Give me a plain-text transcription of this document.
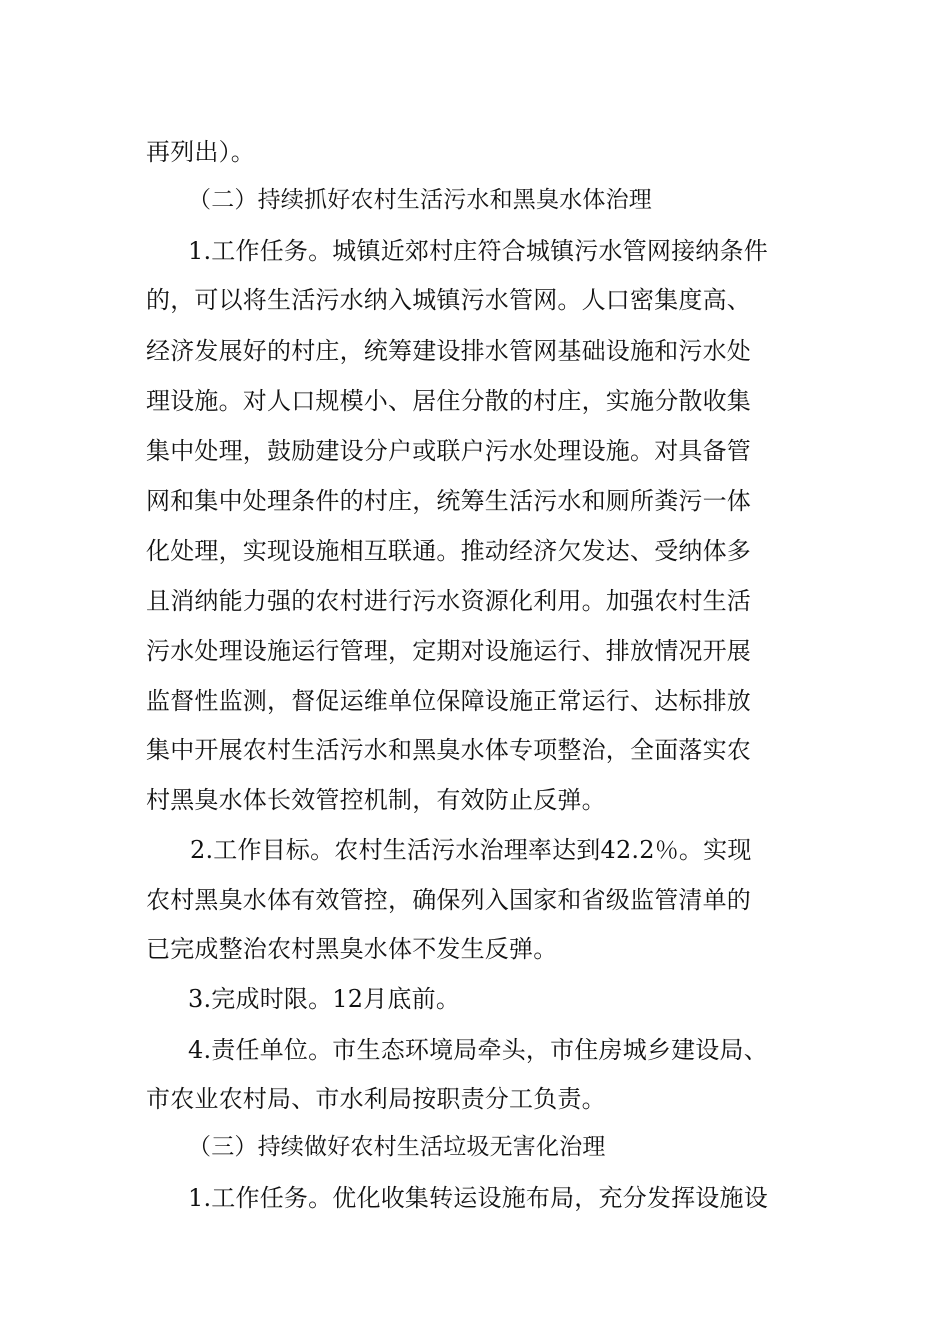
再列出）。
（二）持续抓好农村生活污水和黑臭水体治理
1.工作任务。城镇近郊村庄符合城镇污水管网接纳条件
的，可以将生活污水纳入城镇污水管网。人口密集度高、
经济发展好的村庄，统筹建设排水管网基础设施和污水处
理设施。对人口规模小、居住分散的村庄，实施分散收集
集中处理，鼓励建设分户或联户污水处理设施。对具备管
网和集中处理条件的村庄，统筹生活污水和厕所粪污一体
化处理，实现设施相互联通。推动经济欠发达、受纳体多
且消纳能力强的农村进行污水资源化利用。加强农村生活
污水处理设施运行管理，定期对设施运行、排放情况开展
监督性监测，督促运维单位保障设施正常运行、达标排放
集中开展农村生活污水和黑臭水体专项整治，全面落实农
村黑臭水体长效管控机制，有效防止反弹。
2.工作目标。农村生活污水治理率达到42.2％。实现
农村黑臭水体有效管控，确保列入国家和省级监管清单的
已完成整治农村黑臭水体不发生反弹。
3.完成时限。12月底前。
4.责任单位。市生态环境局牵头，市住房城乡建设局、
市农业农村局、市水利局按职责分工负责。
（三）持续做好农村生活垃圾无害化治理
1.工作任务。优化收集转运设施布局，充分发挥设施设
